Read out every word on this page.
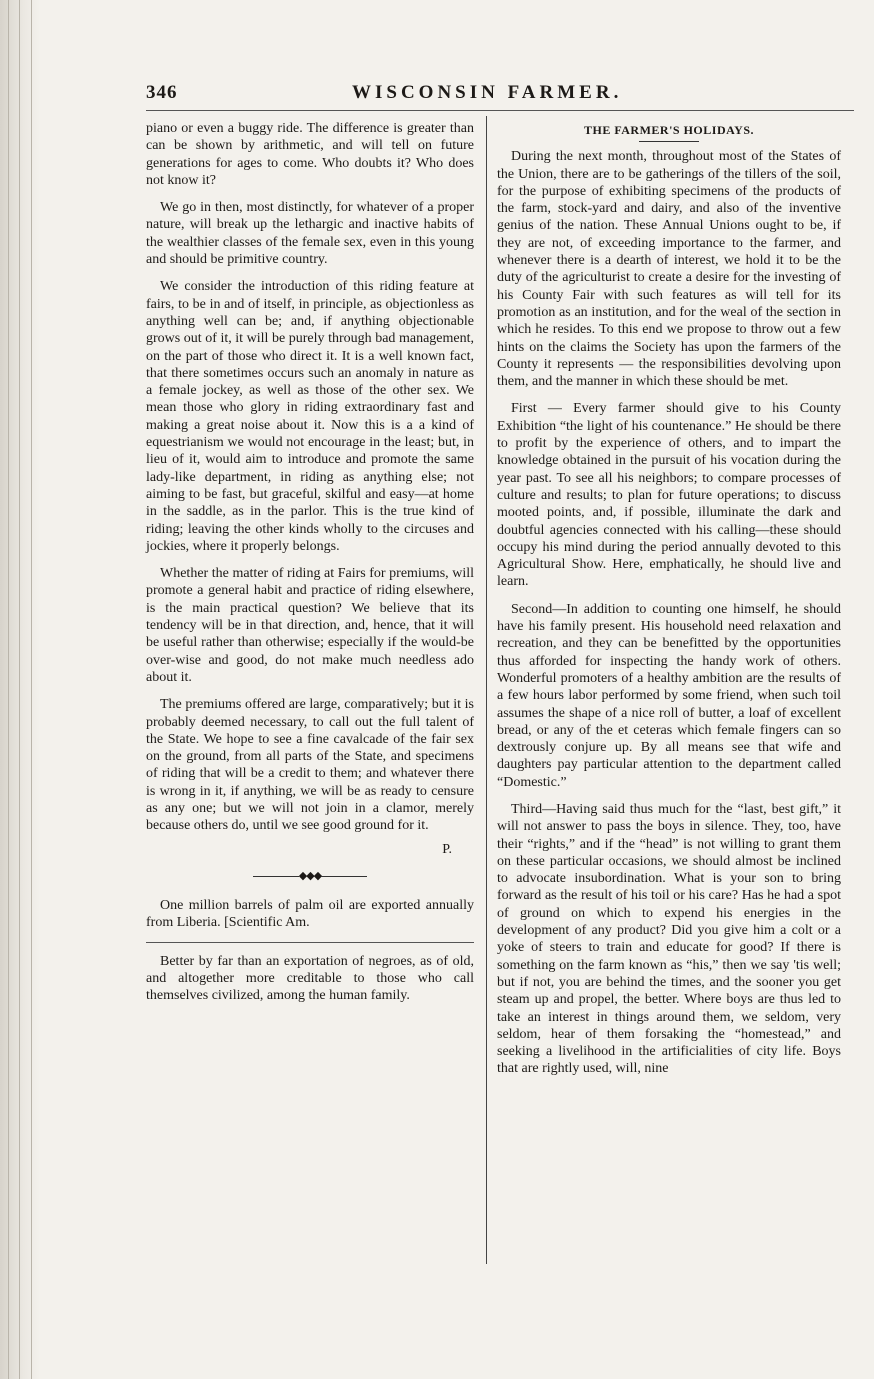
346	WISCONSIN FARMER.

piano or even a buggy ride. The difference is greater than can be shown by arithmetic, and will tell on future generations for ages to come. Who doubts it? Who does not know it?

We go in then, most distinctly, for whatever of a proper nature, will break up the lethargic and inactive habits of the wealthier classes of the female sex, even in this young and should be primitive country.

We consider the introduction of this riding feature at fairs, to be in and of itself, in principle, as objectionless as anything well can be; and, if anything objectionable grows out of it, it will be purely through bad management, on the part of those who direct it. It is a well known fact, that there sometimes occurs such an anomaly in nature as a female jockey, as well as those of the other sex. We mean those who glory in riding extraordinary fast and making a great noise about it. Now this is a a kind of equestrianism we would not encourage in the least; but, in lieu of it, would aim to introduce and promote the same lady-like department, in riding as anything else; not aiming to be fast, but graceful, skilful and easy—at home in the saddle, as in the parlor. This is the true kind of riding; leaving the other kinds wholly to the circuses and jockies, where it properly belongs.

Whether the matter of riding at Fairs for premiums, will promote a general habit and practice of riding elsewhere, is the main practical question? We believe that its tendency will be in that direction, and, hence, that it will be useful rather than otherwise; especially if the would-be over-wise and good, do not make much needless ado about it.

The premiums offered are large, comparatively; but it is probably deemed necessary, to call out the full talent of the State. We hope to see a fine cavalcade of the fair sex on the ground, from all parts of the State, and specimens of riding that will be a credit to them; and whatever there is wrong in it, if anything, we will be as ready to censure as any one; but we will not join in a clamor, merely because others do, until we see good ground for it.

P.

◆◆◆

One million barrels of palm oil are exported annually from Liberia. [Scientific Am.

Better by far than an exportation of negroes, as of old, and altogether more creditable to those who call themselves civilized, among the human family.

THE FARMER'S HOLIDAYS.

During the next month, throughout most of the States of the Union, there are to be gatherings of the tillers of the soil, for the purpose of exhibiting specimens of the products of the farm, stock-yard and dairy, and also of the inventive genius of the nation. These Annual Unions ought to be, if they are not, of exceeding importance to the farmer, and whenever there is a dearth of interest, we hold it to be the duty of the agriculturist to create a desire for the investing of his County Fair with such features as will tell for its promotion as an institution, and for the weal of the section in which he resides. To this end we propose to throw out a few hints on the claims the Society has upon the farmers of the County it represents — the responsibilities devolving upon them, and the manner in which these should be met.

First — Every farmer should give to his County Exhibition “the light of his countenance.” He should be there to profit by the experience of others, and to impart the knowledge obtained in the pursuit of his vocation during the year past. To see all his neighbors; to compare processes of culture and results; to plan for future operations; to discuss mooted points, and, if possible, illuminate the dark and doubtful agencies connected with his calling—these should occupy his mind during the period annually devoted to this Agricultural Show. Here, emphatically, he should live and learn.

Second—In addition to counting one himself, he should have his family present. His household need relaxation and recreation, and they can be benefitted by the opportunities thus afforded for inspecting the handy work of others. Wonderful promoters of a healthy ambition are the results of a few hours labor performed by some friend, when such toil assumes the shape of a nice roll of butter, a loaf of excellent bread, or any of the et ceteras which female fingers can so dextrously conjure up. By all means see that wife and daughters pay particular attention to the department called “Domestic.”

Third—Having said thus much for the “last, best gift,” it will not answer to pass the boys in silence. They, too, have their “rights,” and if the “head” is not willing to grant them on these particular occasions, we should almost be inclined to advocate insubordination. What is your son to bring forward as the result of his toil or his care? Has he had a spot of ground on which to expend his energies in the development of any product? Did you give him a colt or a yoke of steers to train and educate for good? If there is something on the farm known as “his,” then we say 'tis well; but if not, you are behind the times, and the sooner you get steam up and propel, the better. Where boys are thus led to take an interest in things around them, we seldom, very seldom, hear of them forsaking the “homestead,” and seeking a livelihood in the artificialities of city life. Boys that are rightly used, will, nine
